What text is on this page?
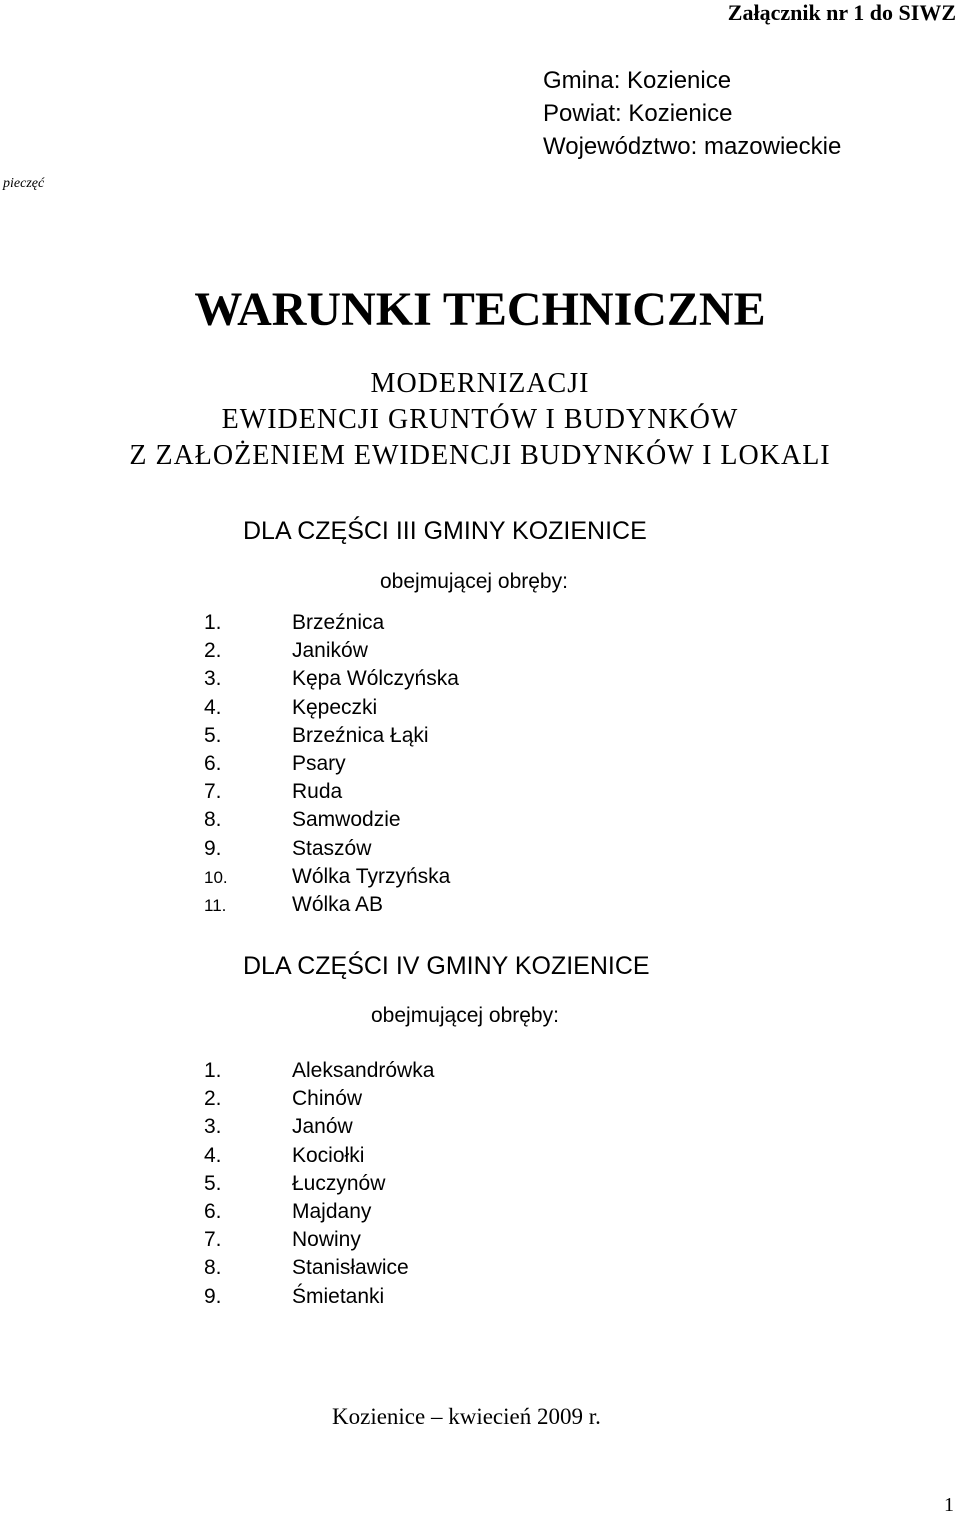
Załącznik nr 1 do SIWZ
Gmina: Kozienice
Powiat: Kozienice
Województwo: mazowieckie
pieczęć
WARUNKI TECHNICZNE
MODERNIZACJI
EWIDENCJI GRUNTÓW I BUDYNKÓW
Z ZAŁOŻENIEM EWIDENCJI BUDYNKÓW I LOKALI
DLA CZĘŚCI III GMINY KOZIENICE
obejmującej obręby:
1.	Brzeźnica
2.	Janików
3.	Kępa Wólczyńska
4.	Kępeczki
5.	Brzeźnica Łąki
6.	Psary
7.	Ruda
8.	Samwodzie
9.	Staszów
10.	Wólka Tyrzyńska
11.	Wólka AB
DLA CZĘŚCI IV GMINY KOZIENICE
obejmującej obręby:
1.	Aleksandrówka
2.	Chinów
3.	Janów
4.	Kociołki
5.	Łuczynów
6.	Majdany
7.	Nowiny
8.	Stanisławice
9.	Śmietanki
Kozienice – kwiecień 2009 r.
1
